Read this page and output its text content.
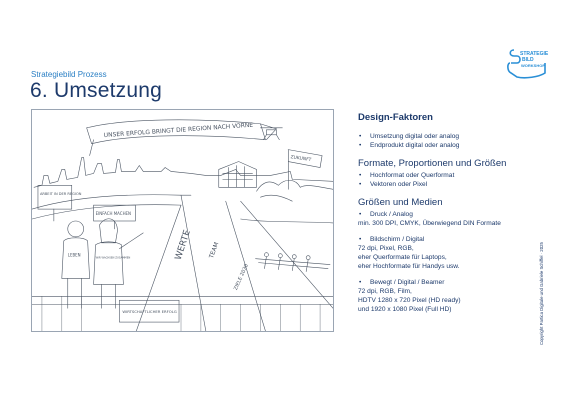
Strategiebild Prozess
6. Umsetzung
STRATEGIE
BILD
WORKSHOP
UNSER ERFOLG BRINGT DIE REGION NACH VORNE
ZUKUNFT
WERTE	TEAM
ZIELE 2030
ARBEIT IN DER REGION
EINFACH MACHEN
LEBEN
WIR WACHSEN ZUSAMMEN
WIRTSCHAFTLICHER ERFOLG
Design-Faktoren
• Umsetzung digital oder analog
• Endprodukt digital oder analog
Formate, Proportionen und Größen
• Hochformat oder Querformat
• Vektoren oder Pixel
Größen und Medien
• Druck / Analog

min. 300 DPI, CMYK, Überwiegend DIN Formate

• Bildschirm / Digital

72 dpi, Pixel, RGB,

eher Querformate für Laptops,

eher Hochformate für Handys usw.

• Bewegt / Digital / Beamer

72 dpi, RGB, Film,

HDTV 1280 x 720 Pixel (HD ready)

und 1920 x 1080 Pixel (Full HD)	Copyright Partica Digitale und Gabriele Schiffel · 2025
